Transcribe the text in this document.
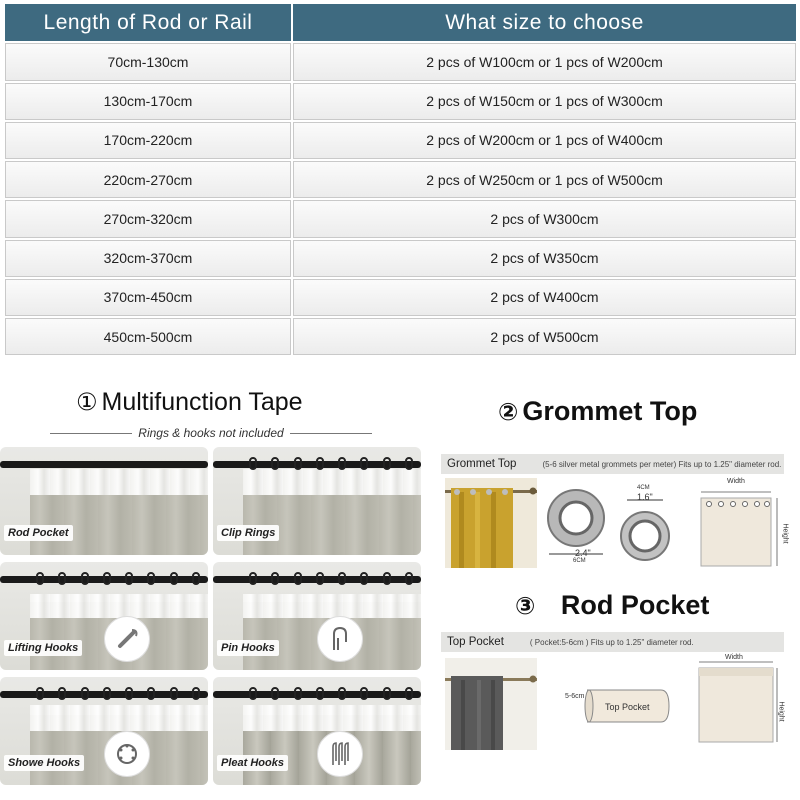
Length of Rod or Rail	What size to choose
70cm-130cm	2 pcs of W100cm or 1 pcs of W200cm
130cm-170cm	2 pcs of W150cm or 1 pcs of W300cm
170cm-220cm	2 pcs of W200cm or 1 pcs of W400cm
220cm-270cm	2 pcs of W250cm or 1 pcs of W500cm
270cm-320cm	2 pcs of W300cm
320cm-370cm	2 pcs of W350cm
370cm-450cm	2 pcs of W400cm
450cm-500cm	2 pcs of W500cm
① Multifunction Tape
Rings & hooks not included
Rod Pocket	Clip Rings
Lifting Hooks	Pin Hooks
Showe Hooks	Pleat Hooks
② Grommet Top
Grommet Top	(5-6 silver metal grommets per meter) Fits up to 1.25" diameter rod.
2.4"
6CM
4CM
1.6"
Width
Height
③ Rod Pocket
Top Pocket	( Pocket:5-6cm ) Fits up to 1.25" diameter rod.
5-6cm
Top Pocket
Width
Height
